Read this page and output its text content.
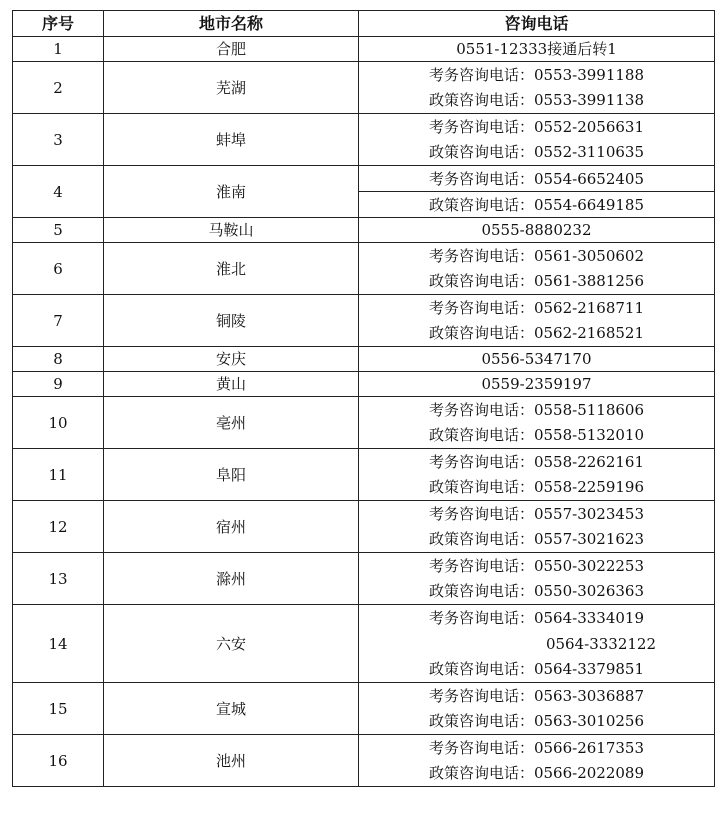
序号	地市名称	咨询电话
1	合肥	0551-12333接通后转1
2	芜湖	考务咨询电话：0553-3991188
		政策咨询电话：0553-3991138
3	蚌埠	考务咨询电话：0552-2056631
		政策咨询电话：0552-3110635
4	淮南	考务咨询电话：0554-6652405
		政策咨询电话：0554-6649185
5	马鞍山	0555-8880232
6	淮北	考务咨询电话：0561-3050602
		政策咨询电话：0561-3881256
7	铜陵	考务咨询电话：0562-2168711
		政策咨询电话：0562-2168521
8	安庆	0556-5347170
9	黄山	0559-2359197
10	亳州	考务咨询电话：0558-5118606
		政策咨询电话：0558-5132010
11	阜阳	考务咨询电话：0558-2262161
		政策咨询电话：0558-2259196
12	宿州	考务咨询电话：0557-3023453
		政策咨询电话：0557-3021623
13	滁州	考务咨询电话：0550-3022253
		政策咨询电话：0550-3026363
14	六安	考务咨询电话：0564-3334019
		0564-3332122
		政策咨询电话：0564-3379851
15	宣城	考务咨询电话：0563-3036887
		政策咨询电话：0563-3010256
16	池州	考务咨询电话：0566-2617353
		政策咨询电话：0566-2022089
